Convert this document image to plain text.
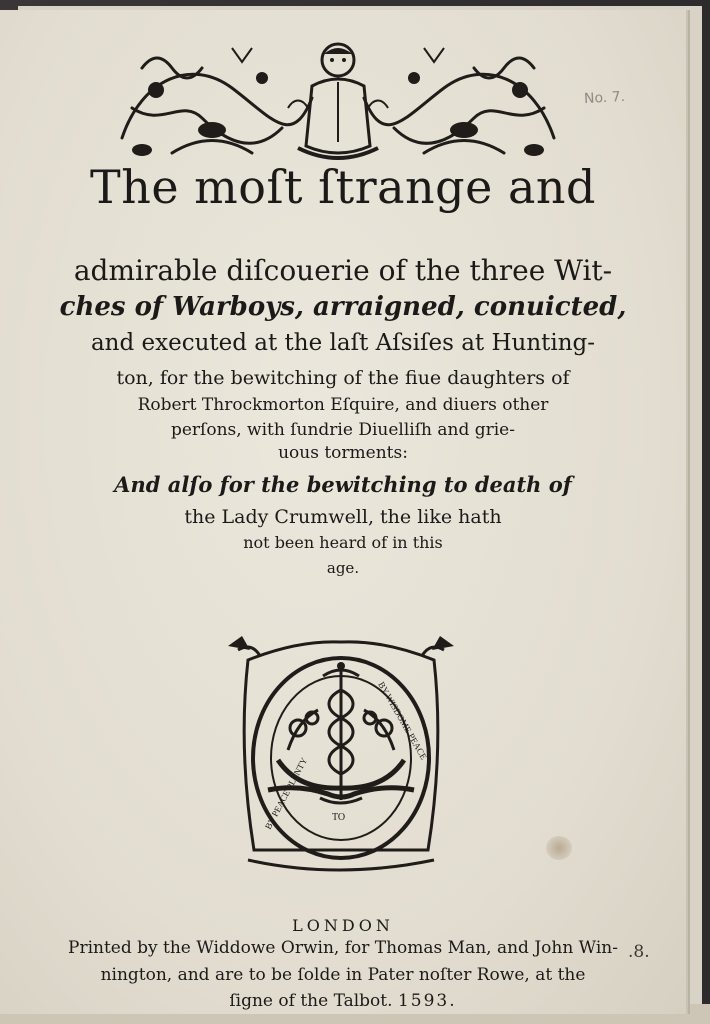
No. 7.
The moſt ſtrange and
admirable diſcouerie of the three Wit-
ches of Warboys, arraigned, conuicted,
and executed at the laſt Aſsiſes at Hunting-
ton, for the bewitching of the fiue daughters of
Robert Throckmorton Eſquire, and diuers other
perſons, with ſundrie Diuelliſh and grie-
uous torments:
And alſo for the bewitching to death of
the Lady Crumwell, the like hath
not been heard of in this
age.
TO
BY PEACE PLENTY
BY WISDOME PEACE
LONDON
Printed by the Widdowe Orwin, for Thomas Man, and John Win-
nington, and are to be ſolde in Pater noſter Rowe, at the
ſigne of the Talbot. 1593.
.8.
